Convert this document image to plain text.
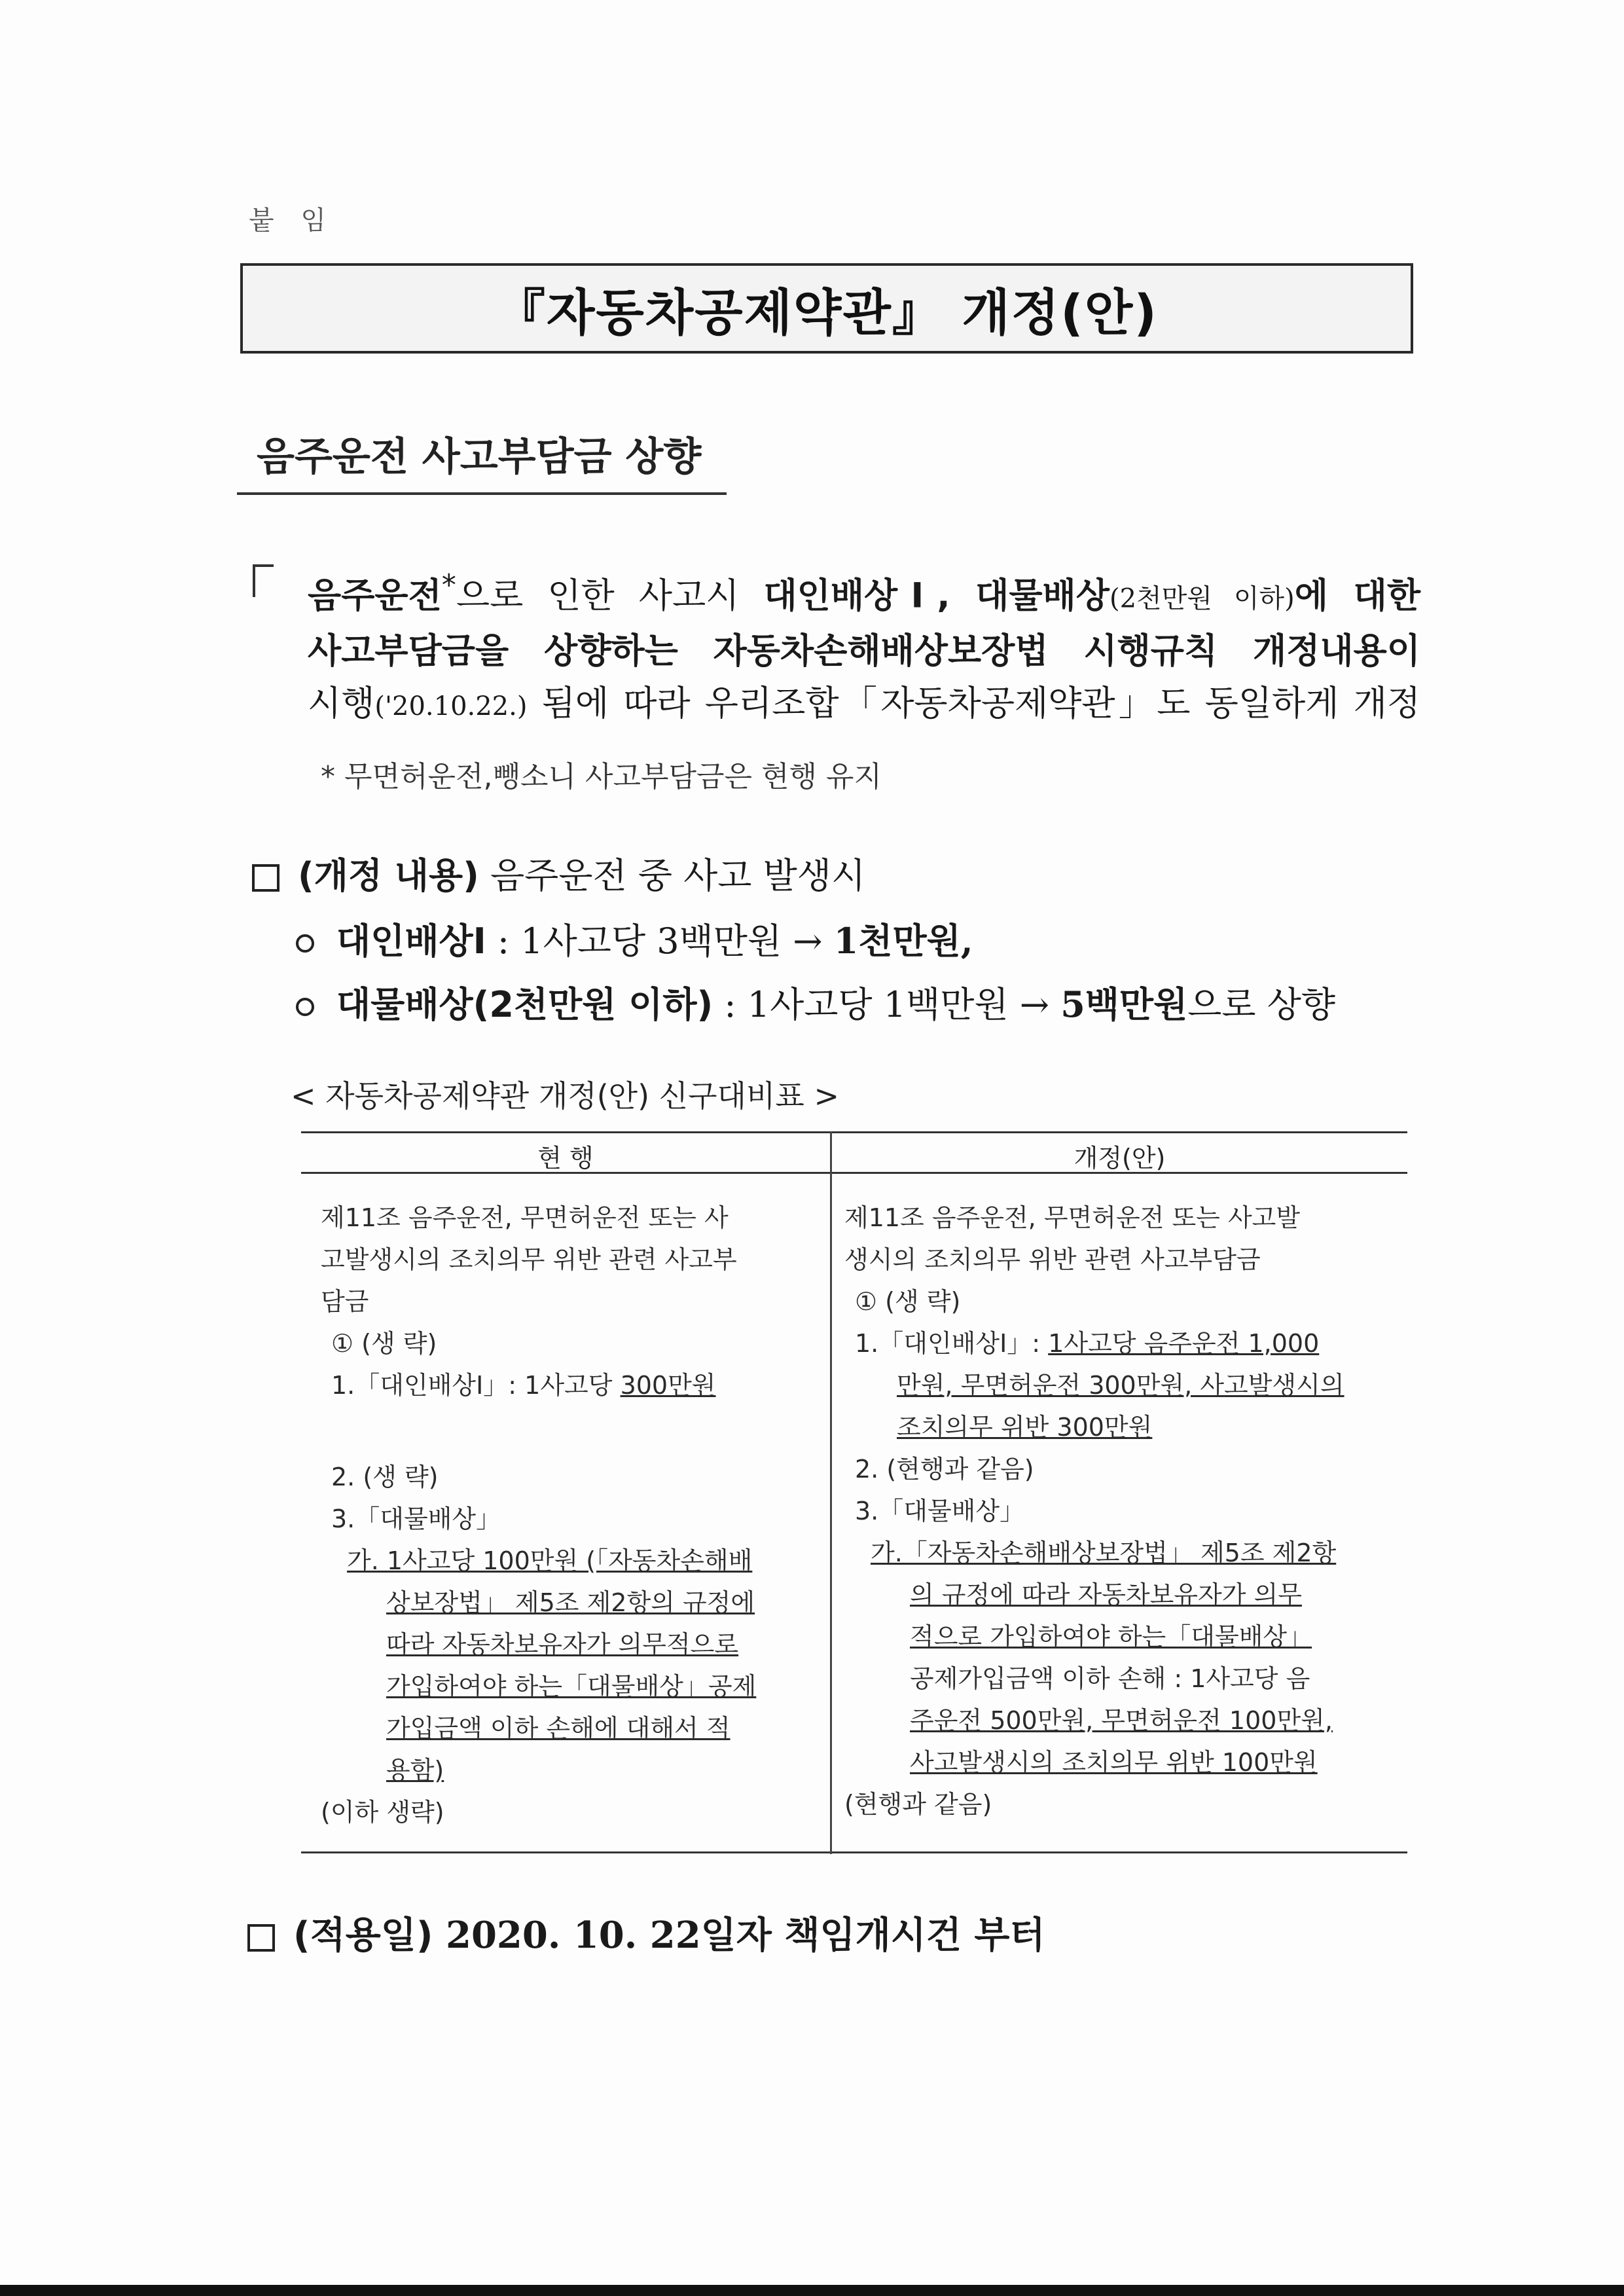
붙 임
『자동차공제약관』 개정(안)
음주운전 사고부담금 상향
음주운전*으로 인한 사고시 대인배상Ⅰ, 대물배상(2천만원 이하)에 대한
사고부담금을 상향하는 자동차손해배상보장법 시행규칙 개정내용이
시행('20.10.22.) 됨에 따라 우리조합「자동차공제약관」도 동일하게 개정
* 무면허운전,뺑소니 사고부담금은 현행 유지
(개정 내용) 음주운전 중 사고 발생시
대인배상Ⅰ : 1사고당 3백만원 → 1천만원,
대물배상(2천만원 이하) : 1사고당 1백만원 → 5백만원으로 상향
< 자동차공제약관 개정(안) 신구대비표 >
현 행	개정(안)
제11조 음주운전, 무면허운전 또는 사
고발생시의 조치의무 위반 관련 사고부
담금
① (생 략)
1.「대인배상Ⅰ」: 1사고당 300만원
2. (생 략)
3.「대물배상」
가. 1사고당 100만원 (「자동차손해배
상보장법」 제5조 제2항의 규정에
따라 자동차보유자가 의무적으로
가입하여야 하는「대물배상」공제
가입금액 이하 손해에 대해서 적
용함)
(이하 생략)
제11조 음주운전, 무면허운전 또는 사고발
생시의 조치의무 위반 관련 사고부담금
① (생 략)
1.「대인배상Ⅰ」: 1사고당 음주운전 1,000
만원, 무면허운전 300만원, 사고발생시의
조치의무 위반 300만원
2. (현행과 같음)
3.「대물배상」
가.「자동차손해배상보장법」 제5조 제2항
의 규정에 따라 자동차보유자가 의무
적으로 가입하여야 하는「대물배상」
공제가입금액 이하 손해 : 1사고당 음
주운전 500만원, 무면허운전 100만원,
사고발생시의 조치의무 위반 100만원
(현행과 같음)
(적용일) 2020. 10. 22일자 책임개시건 부터
